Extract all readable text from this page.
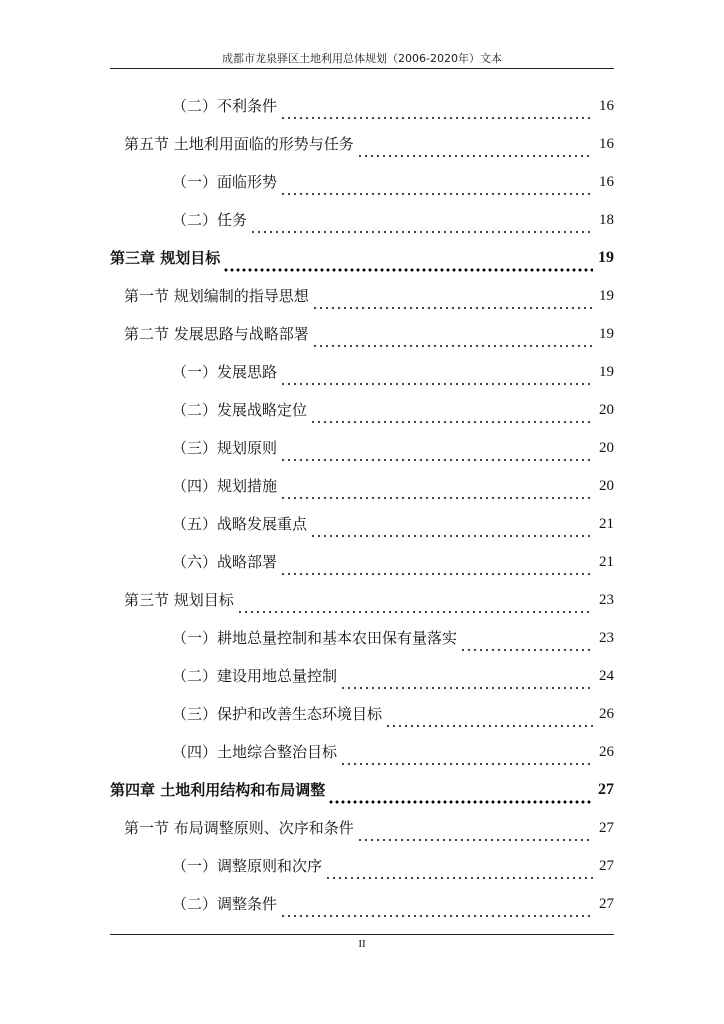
成都市龙泉驿区土地利用总体规划（2006-2020年）文本
（二）不利条件	16
第五节 土地利用面临的形势与任务	16
（一）面临形势	16
（二）任务	18
第三章 规划目标	19
第一节 规划编制的指导思想	19
第二节 发展思路与战略部署	19
（一）发展思路	19
（二）发展战略定位	20
（三）规划原则	20
（四）规划措施	20
（五）战略发展重点	21
（六）战略部署	21
第三节 规划目标	23
（一）耕地总量控制和基本农田保有量落实	23
（二）建设用地总量控制	24
（三）保护和改善生态环境目标	26
（四）土地综合整治目标	26
第四章 土地利用结构和布局调整	27
第一节 布局调整原则、次序和条件	27
（一）调整原则和次序	27
（二）调整条件	27
II
